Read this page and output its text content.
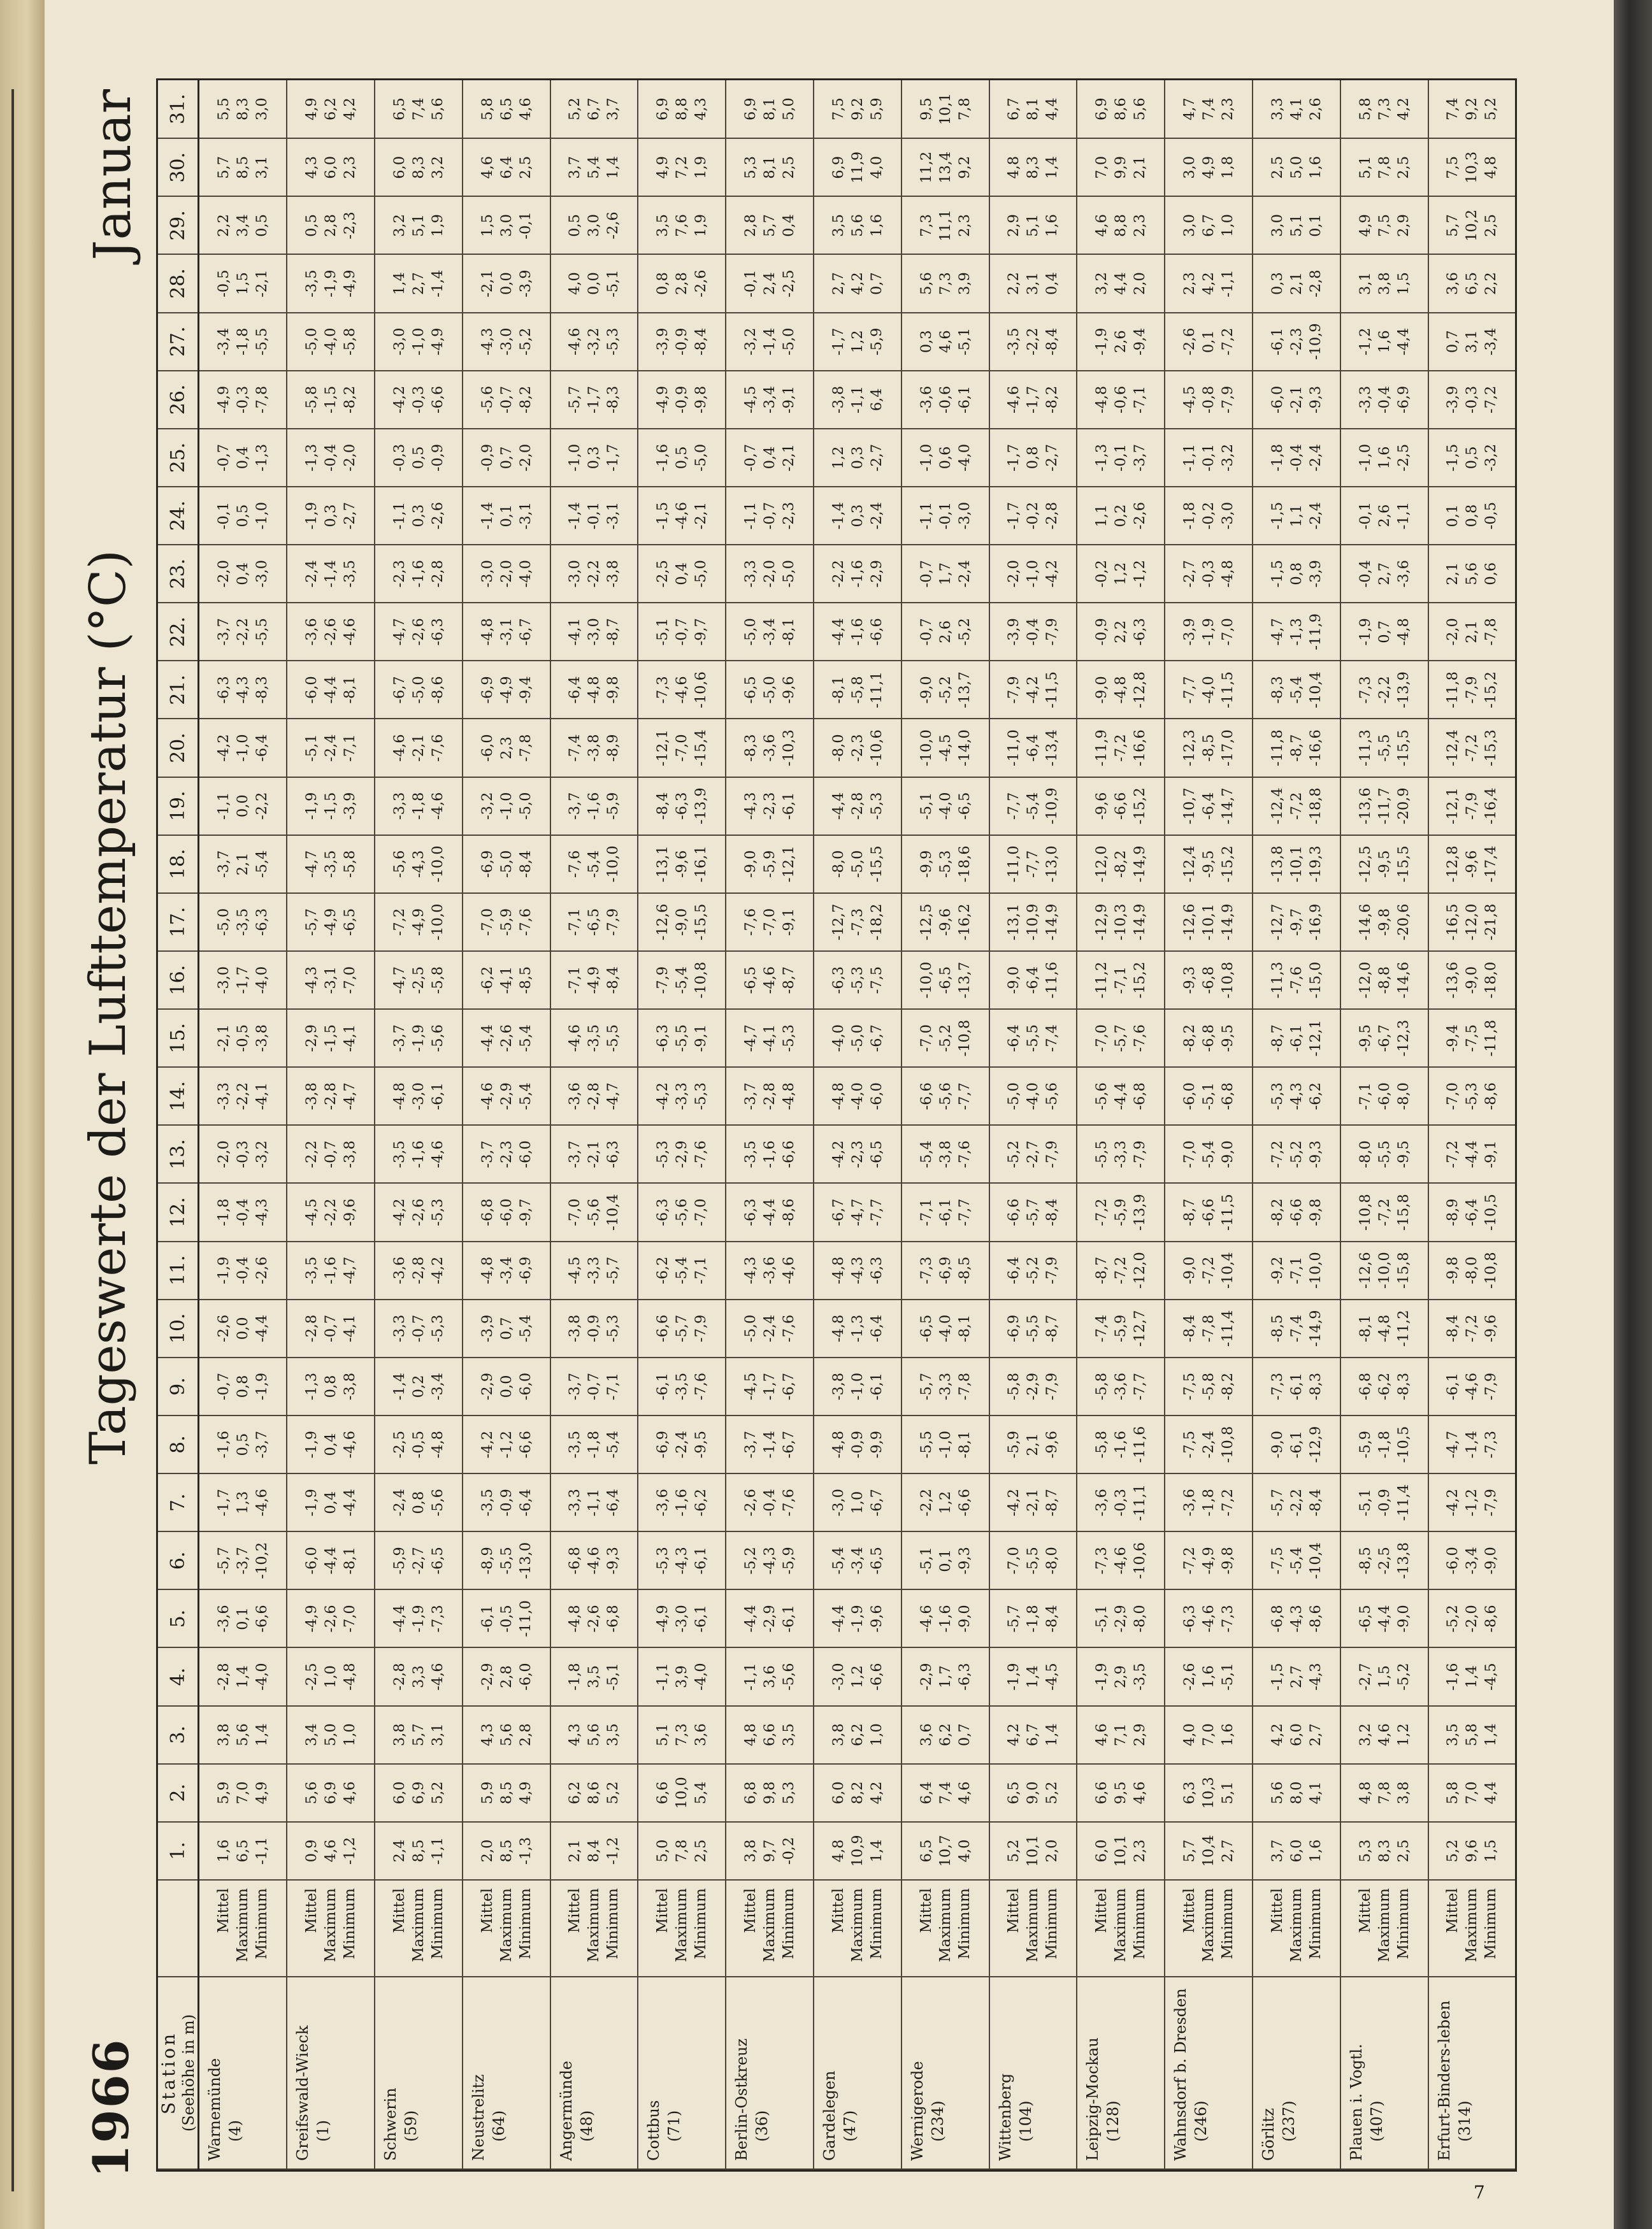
1966
Tageswerte der Lufttemperatur (°C)
Januar
Station (Seehöhe in m)		1.	2.	3.	4.	5.	6.	7.	8.	9.	10.	11.	12.	13.	14.	15.	16.	17.	18.	19.	20.	21.	22.	23.	24.	25.	26.	27.	28.	29.	30.	31.

Warnemünde (4)	Mittel Maximum Minimum	1,6 6,5 -1,1	5,9 7,0 4,9	3,8 5,6 1,4	-2,8 1,4 -4,0	-3,6 0,1 -6,6	-5,7 -3,7 -10,2	-1,7 1,3 -4,6	-1,6 0,5 -3,7	-0,7 0,8 -1,9	-2,6 0,0 -4,4	-1,9 -0,4 -2,6	-1,8 -0,4 -4,3	-2,0 -0,3 -3,2	-3,3 -2,2 -4,1	-2,1 -0,5 -3,8	-3,0 -1,7 -4,0	-5,0 -3,5 -6,3	-3,7 2,1 -5,4	-1,1 0,0 -2,2	-4,2 -1,0 -6,4	-6,3 -4,3 -8,3	-3,7 -2,2 -5,5	-2,0 0,4 -3,0	-0,1 0,5 -1,0	-0,7 0,4 -1,3	-4,9 -0,3 -7,8	-3,4 -1,8 -5,5	-0,5 1,5 -2,1	2,2 3,4 0,5	5,7 8,5 3,1	5,5 8,3 3,0

Greifswald-Wieck (1)	Mittel Maximum Minimum	0,9 4,6 -1,2	5,6 6,9 4,6	3,4 5,0 1,0	-2,5 1,0 -4,8	-4,9 -2,6 -7,0	-6,0 -4,4 -8,1	-1,9 0,4 -4,4	-1,9 0,4 -4,6	-1,3 0,8 -3,8	-2,8 -0,7 -4,1	-3,5 -1,6 -4,7	-4,5 -2,2 -9,6	-2,2 -0,7 -3,8	-3,8 -2,8 -4,7	-2,9 -1,5 -4,1	-4,3 -3,1 -7,0	-5,7 -4,9 -6,5	-4,7 -3,5 -5,8	-1,9 -1,5 -3,9	-5,1 -2,4 -7,1	-6,0 -4,4 -8,1	-3,6 -2,6 -4,6	-2,4 -1,4 -3,5	-1,9 0,3 -2,7	-1,3 -0,4 -2,0	-5,8 -1,5 -8,2	-5,0 -4,0 -5,8	-3,5 -1,9 -4,9	0,5 2,8 -2,3	4,3 6,0 2,3	4,9 6,2 4,2

Schwerin (59)	Mittel Maximum Minimum	2,4 8,5 -1,1	6,0 6,9 5,2	3,8 5,7 3,1	-2,8 3,3 -4,6	-4,4 -1,9 -7,3	-5,9 -2,7 -6,5	-2,4 0,8 -5,6	-2,5 -0,5 -4,8	-1,4 0,2 -3,4	-3,3 -0,7 -5,3	-3,6 -2,8 -4,2	-4,2 -2,6 -5,3	-3,5 -1,6 -4,6	-4,8 -3,0 -6,1	-3,7 -1,9 -5,6	-4,7 -2,5 -5,8	-7,2 -4,9 -10,0	-5,6 -4,3 -10,0	-3,3 -1,8 -4,6	-4,6 -2,1 -7,6	-6,7 -5,0 -8,6	-4,7 -2,6 -6,3	-2,3 -1,6 -2,8	-1,1 0,3 -2,6	-0,3 0,5 -0,9	-4,2 -0,3 -6,6	-3,0 -1,0 -4,9	1,4 2,7 -1,4	3,2 5,1 1,9	6,0 8,3 3,2	6,5 7,4 5,6

Neustrelitz (64)	Mittel Maximum Minimum	2,0 8,5 -1,3	5,9 8,5 4,9	4,3 5,6 2,8	-2,9 2,8 -6,0	-6,1 -0,5 -11,0	-8,9 -5,5 -13,0	-3,5 -0,9 -6,4	-4,2 -1,2 -6,6	-2,9 0,0 -6,0	-3,9 0,7 -5,4	-4,8 -3,4 -6,9	-6,8 -6,0 -9,7	-3,7 -2,3 -6,0	-4,6 -2,9 -5,4	-4,4 -2,6 -5,4	-6,2 -4,1 -8,5	-7,0 -5,9 -7,6	-6,9 -5,0 -8,4	-3,2 -1,0 -5,0	-6,0 2,3 -7,8	-6,9 -4,9 -9,4	-4,8 -3,1 -6,7	-3,0 -2,0 -4,0	-1,4 0,1 -3,1	-0,9 0,7 -2,0	-5,6 -0,7 -8,2	-4,3 -3,0 -5,2	-2,1 0,0 -3,9	1,5 3,0 -0,1	4,6 6,4 2,5	5,8 6,5 4,6

Angermünde (48)	Mittel Maximum Minimum	2,1 8,4 -1,2	6,2 8,6 5,2	4,3 5,6 3,5	-1,8 3,5 -5,1	-4,8 -2,6 -6,8	-6,8 -4,6 -9,3	-3,3 -1,1 -6,4	-3,5 -1,8 -5,4	-3,7 -0,7 -7,1	-3,8 -0,9 -5,3	-4,5 -3,3 -5,7	-7,0 -5,6 -10,4	-3,7 -2,1 -6,3	-3,6 -2,8 -4,7	-4,6 -3,5 -5,5	-7,1 -4,9 -8,4	-7,1 -6,5 -7,9	-7,6 -5,4 -10,0	-3,7 -1,6 -5,9	-7,4 -3,8 -8,9	-6,4 -4,8 -9,8	-4,1 -3,0 -8,7	-3,0 -2,2 -3,8	-1,4 -0,1 -3,1	-1,0 0,3 -1,7	-5,7 -1,7 -8,3	-4,6 -3,2 -5,3	4,0 0,0 -5,1	0,5 3,0 -2,6	3,7 5,4 1,4	5,2 6,7 3,7

Cottbus (71)	Mittel Maximum Minimum	5,0 7,8 2,5	6,6 10,0 5,4	5,1 7,3 3,6	-1,1 3,9 -4,0	-4,9 -3,0 -6,1	-5,3 -4,3 -6,1	-3,6 -1,6 -6,2	-6,9 -2,4 -9,5	-6,1 -3,5 -7,6	-6,6 -5,7 -7,9	-6,2 -5,4 -7,1	-6,3 -5,6 -7,0	-5,3 -2,9 -7,6	-4,2 -3,3 -5,3	-6,3 -5,5 -9,1	-7,9 -5,4 -10,8	-12,6 -9,0 -15,5	-13,1 -9,6 -16,1	-8,4 -6,3 -13,9	-12,1 -7,0 -15,4	-7,3 -4,6 -10,6	-5,1 -0,7 -9,7	-2,5 0,4 -5,0	-1,5 -4,6 -2,1	-1,6 0,5 -5,0	-4,9 -0,9 -9,8	-3,9 -0,9 -8,4	0,8 2,8 -2,6	3,5 7,6 1,9	4,9 7,2 1,9	6,9 8,8 4,3

Berlin-Ostkreuz (36)	Mittel Maximum Minimum	3,8 9,7 -0,2	6,8 9,8 5,3	4,8 6,6 3,5	-1,1 3,6 -5,6	-4,4 -2,9 -6,1	-5,2 -4,3 -5,9	-2,6 -0,4 -7,6	-3,7 -1,4 -6,7	-4,5 -1,7 -6,7	-5,0 -2,4 -7,6	-4,3 -3,6 -4,6	-6,3 -4,4 -8,6	-3,5 -1,6 -6,6	-3,7 -2,8 -4,8	-4,7 -4,1 -5,3	-6,5 -4,6 -8,7	-7,6 -7,0 -9,1	-9,0 -5,9 -12,1	-4,3 -2,3 -6,1	-8,3 -3,6 -10,3	-6,5 -5,0 -9,6	-5,0 -3,4 -8,1	-3,3 -2,0 -5,0	-1,1 -0,7 -2,3	-0,7 0,4 -2,1	-4,5 -3,4 -9,1	-3,2 -1,4 -5,0	-0,1 2,4 -2,5	2,8 5,7 0,4	5,3 8,1 2,5	6,9 8,1 5,0

Gardelegen (47)	Mittel Maximum Minimum	4,8 10,9 1,4	6,0 8,2 4,2	3,8 6,2 1,0	-3,0 1,2 -6,6	-4,4 -1,9 -9,6	-5,4 -3,4 -6,5	-3,0 1,0 -6,7	-4,8 -0,9 -9,9	-3,8 -1,0 -6,1	-4,8 -1,3 -6,4	-4,8 -4,3 -6,3	-6,7 -4,7 -7,7	-4,2 -2,3 -6,5	-4,8 -4,0 -6,0	-4,0 -5,0 -6,7	-6,3 -5,3 -7,5	-12,7 -7,3 -18,2	-8,0 -5,0 -15,5	-4,4 -2,8 -5,3	-8,0 -2,3 -10,6	-8,1 -5,8 -11,1	-4,4 -1,6 -6,6	-2,2 -1,6 -2,9	-1,4 0,3 -2,4	1,2 0,3 -2,7	-3,8 -1,1 6,4	-1,7 1,2 -5,9	2,7 4,2 0,7	3,5 5,6 1,6	6,9 11,9 4,0	7,5 9,2 5,9

Wernigerode (234)	Mittel Maximum Minimum	6,5 10,7 4,0	6,4 7,4 4,6	3,6 6,2 0,7	-2,9 1,7 -6,3	-4,6 -1,6 -9,0	-5,1 0,1 -9,3	-2,2 1,2 -6,6	-5,5 -1,0 -8,1	-5,7 -3,3 -7,8	-6,5 -4,0 -8,1	-7,3 -6,9 -8,5	-7,1 -6,1 -7,7	-5,4 -3,8 -7,6	-6,6 -5,6 -7,7	-7,0 -5,2 -10,8	-10,0 -6,5 -13,7	-12,5 -9,6 -16,2	-9,9 -5,3 -18,6	-5,1 -4,0 -6,5	-10,0 -4,5 -14,0	-9,0 -5,2 -13,7	-0,7 2,6 -5,2	-0,7 1,7 -2,4	-1,1 -0,1 -3,0	-1,0 0,6 -4,0	-3,6 -0,6 -6,1	0,3 4,6 -5,1	5,6 7,3 3,9	7,3 11,1 2,3	11,2 13,4 9,2	9,5 10,1 7,8

Wittenberg (104)	Mittel Maximum Minimum	5,2 10,1 2,0	6,5 9,0 5,2	4,2 6,7 1,4	-1,9 1,4 -4,5	-5,7 -1,8 -8,4	-7,0 -5,5 -8,0	-4,2 -2,1 -8,7	-5,9 2,1 -9,6	-5,8 -2,9 -7,9	-6,9 -5,5 -8,7	-6,4 -5,2 -7,9	-6,6 -5,7 -8,4	-5,2 -2,7 -7,9	-5,0 -4,0 -5,6	-6,4 -5,5 -7,4	-9,0 -6,4 -11,6	-13,1 -10,9 -14,9	-11,0 -7,7 -13,0	-7,7 -5,4 -10,9	-11,0 -6,4 -13,4	-7,9 -4,2 -11,5	-3,9 -0,4 -7,9	-2,0 -1,0 -4,2	-1,7 -0,2 -2,8	-1,7 0,8 -2,7	-4,6 -1,7 -8,2	-3,5 -2,2 -8,4	2,2 3,1 0,4	2,9 5,1 1,6	4,8 8,3 1,4	6,7 8,1 4,4

Leipzig-Mockau (128)	Mittel Maximum Minimum	6,0 10,1 2,3	6,6 9,5 4,6	4,6 7,1 2,9	-1,9 2,9 -3,5	-5,1 -2,9 -8,0	-7,3 -4,6 -10,6	-3,6 -0,3 -11,1	-5,8 -1,6 -11,6	-5,8 -3,6 -7,7	-7,4 -5,9 -12,7	-8,7 -7,2 -12,0	-7,2 -5,9 -13,9	-5,5 -3,3 -7,9	-5,6 -4,4 -6,8	-7,0 -5,7 -7,6	-11,2 -7,1 -15,2	-12,9 -10,3 -14,9	-12,0 -8,2 -14,9	-9,6 -6,6 -15,2	-11,9 -7,2 -16,6	-9,0 -4,8 -12,8	-0,9 2,2 -6,3	-0,2 1,2 -1,2	1,1 0,2 -2,6	-1,3 -0,1 -3,7	-4,8 -0,6 -7,1	-1,9 2,6 -9,4	3,2 4,4 2,0	4,6 8,8 2,3	7,0 9,9 2,1	6,9 8,6 5,6

Wahnsdorf b. Dresden (246)	Mittel Maximum Minimum	5,7 10,4 2,7	6,3 10,3 5,1	4,0 7,0 1,6	-2,6 1,6 -5,1	-6,3 -4,6 -7,3	-7,2 -4,9 -9,8	-3,6 -1,8 -7,2	-7,5 -2,4 -10,8	-7,5 -5,8 -8,2	-8,4 -7,8 -11,4	-9,0 -7,2 -10,4	-8,7 -6,6 -11,5	-7,0 -5,4 -9,0	-6,0 -5,1 -6,8	-8,2 -6,8 -9,5	-9,3 -6,8 -10,8	-12,6 -10,1 -14,9	-12,4 -9,5 -15,2	-10,7 -6,4 -14,7	-12,3 -8,5 -17,0	-7,7 -4,0 -11,5	-3,9 -1,9 -7,0	-2,7 -0,3 -4,8	-1,8 -0,2 -3,0	-1,1 -0,1 -3,2	-4,5 -0,8 -7,9	-2,6 0,1 -7,2	2,3 4,2 -1,1	3,0 6,7 1,0	3,0 4,9 1,8	4,7 7,4 2,3

Görlitz (237)	Mittel Maximum Minimum	3,7 6,0 1,6	5,6 8,0 4,1	4,2 6,0 2,7	-1,5 2,7 -4,3	-6,8 -4,3 -8,6	-7,5 -5,4 -10,4	-5,7 -2,2 -8,4	-9,0 -6,1 -12,9	-7,3 -6,1 -8,3	-8,5 -7,4 -14,9	-9,2 -7,1 -10,0	-8,2 -6,6 -9,8	-7,2 -5,2 -9,3	-5,3 -4,3 -6,2	-8,7 -6,1 -12,1	-11,3 -7,6 -15,0	-12,7 -9,7 -16,9	-13,8 -10,1 -19,3	-12,4 -7,2 -18,8	-11,8 -8,7 -16,6	-8,3 -5,4 -10,4	-4,7 -1,3 -11,9	-1,5 0,8 -3,9	-1,5 1,1 -2,4	-1,8 -0,4 -2,4	-6,0 -2,1 -9,3	-6,1 -2,3 -10,9	0,3 2,1 -2,8	3,0 5,1 0,1	2,5 5,0 1,6	3,3 4,1 2,6

Plauen i. Vogtl. (407)	Mittel Maximum Minimum	5,3 8,3 2,5	4,8 7,8 3,8	3,2 4,6 1,2	-2,7 1,5 -5,2	-6,5 -4,4 -9,0	-8,5 -2,5 -13,8	-5,1 -0,9 -11,4	-5,9 -1,8 -10,5	-6,8 -6,2 -8,3	-8,1 -4,8 -11,2	-12,6 -10,0 -15,8	-10,8 -7,2 -15,8	-8,0 -5,5 -9,5	-7,1 -6,0 -8,0	-9,5 -6,7 -12,3	-12,0 -8,8 -14,6	-14,6 -9,8 -20,6	-12,5 -9,5 -15,5	-13,6 -11,7 -20,9	-11,3 -5,5 -15,5	-7,3 -2,2 -13,9	-1,9 0,7 -4,8	-0,4 2,7 -3,6	-0,1 2,6 -1,1	-1,0 1,6 -2,5	-3,3 -0,4 -6,9	-1,2 1,6 -4,4	3,1 3,8 1,5	4,9 7,5 2,9	5,1 7,8 2,5	5,8 7,3 4,2

Erfurt-Binders-leben (314)	Mittel Maximum Minimum	5,2 9,6 1,5	5,8 7,0 4,4	3,5 5,8 1,4	-1,6 1,4 -4,5	-5,2 -2,0 -8,6	-6,0 -3,4 -9,0	-4,2 -1,2 -7,9	-4,7 -1,4 -7,3	-6,1 -4,6 -7,9	-8,4 -7,2 -9,6	-9,8 -8,0 -10,8	-8,9 -6,4 -10,5	-7,2 -4,4 -9,1	-7,0 -5,3 -8,6	-9,4 -7,5 -11,8	-13,6 -9,0 -18,0	-16,5 -12,0 -21,8	-12,8 -9,6 -17,4	-12,1 -7,9 -16,4	-12,4 -7,2 -15,3	-11,8 -7,9 -15,2	-2,0 2,1 -7,8	2,1 5,6 0,6	0,1 0,8 -0,5	-1,5 0,5 -3,2	-3,9 -0,3 -7,2	0,7 3,1 -3,4	3,6 6,5 2,2	5,7 10,2 2,5	7,5 10,3 4,8	7,4 9,2 5,2
7
